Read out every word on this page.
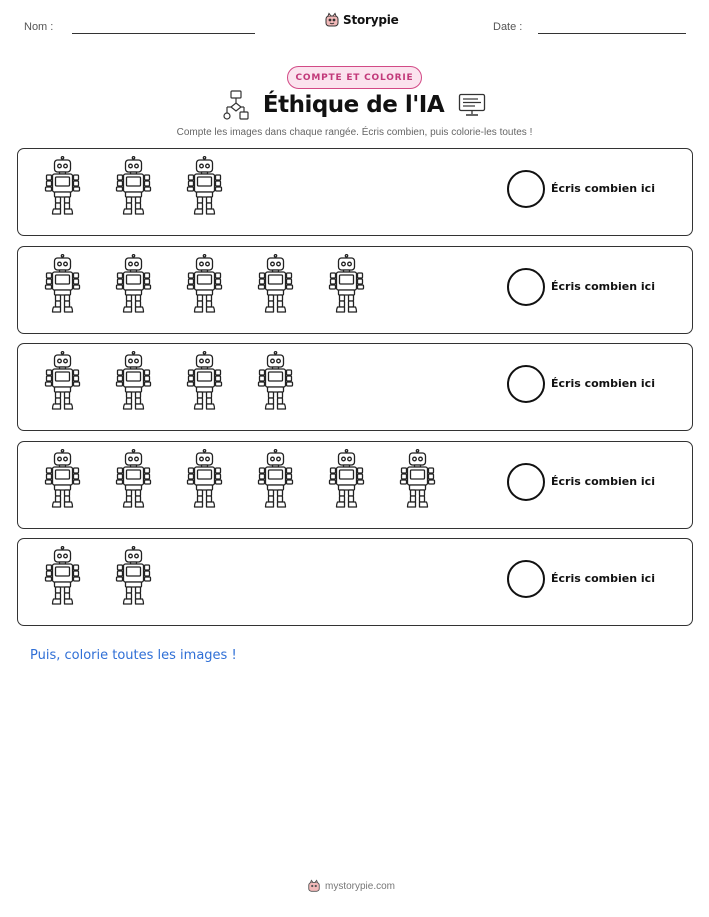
Nom :	Storypie	Date :
COMPTE ET COLORIE
Éthique de l'IA
Compte les images dans chaque rangée. Écris combien, puis colorie-les toutes !
Écris combien ici
Écris combien ici
Écris combien ici
Écris combien ici
Écris combien ici
Puis, colorie toutes les images !
mystorypie.com
